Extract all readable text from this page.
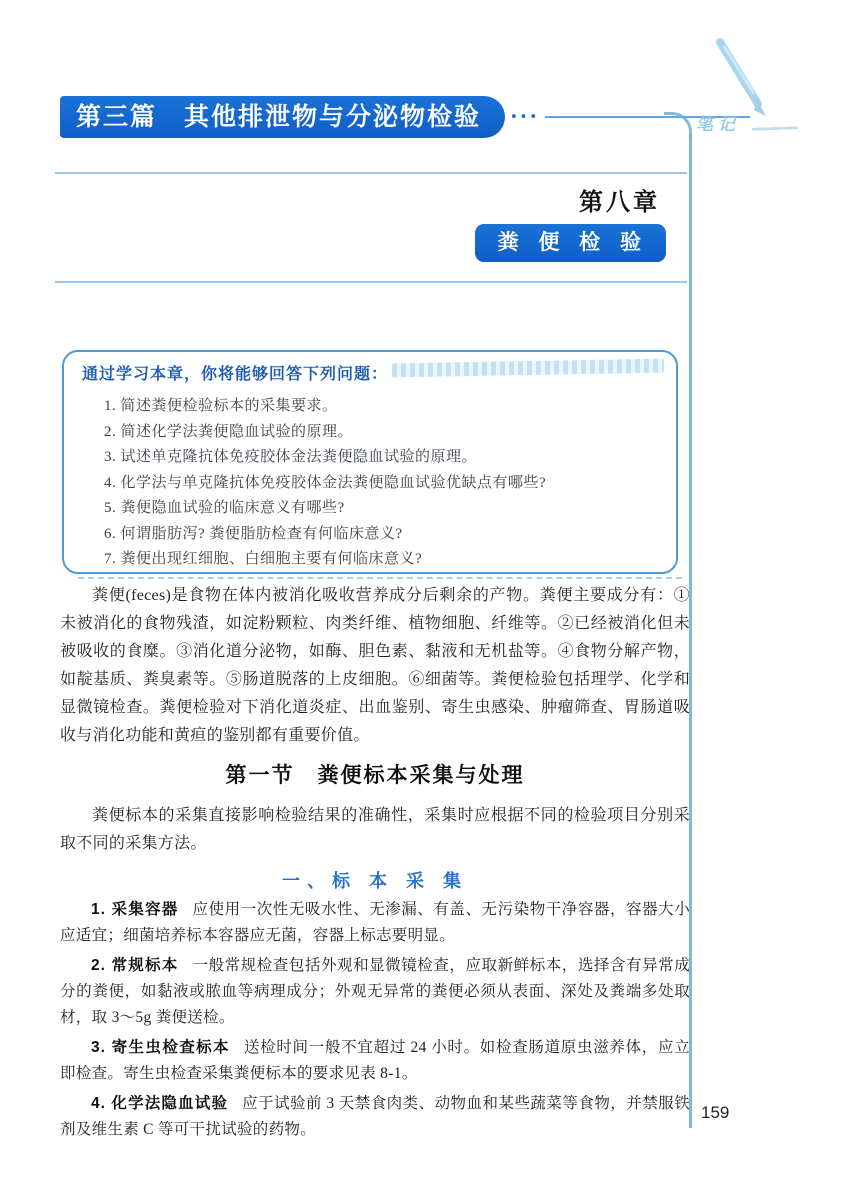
第三篇　其他排泄物与分泌物检验	•••	笔记
第八章
粪 便 检 验
通过学习本章，你将能够回答下列问题：
1. 简述粪便检验标本的采集要求。
2. 简述化学法粪便隐血试验的原理。
3. 试述单克隆抗体免疫胶体金法粪便隐血试验的原理。
4. 化学法与单克隆抗体免疫胶体金法粪便隐血试验优缺点有哪些?
5. 粪便隐血试验的临床意义有哪些?
6. 何谓脂肪泻? 粪便脂肪检查有何临床意义?
7. 粪便出现红细胞、白细胞主要有何临床意义?

粪便(feces)是食物在体内被消化吸收营养成分后剩余的产物。粪便主要成分有：①未被消化的食物残渣，如淀粉颗粒、肉类纤维、植物细胞、纤维等。②已经被消化但未被吸收的食糜。③消化道分泌物，如酶、胆色素、黏液和无机盐等。④食物分解产物，如靛基质、粪臭素等。⑤肠道脱落的上皮细胞。⑥细菌等。粪便检验包括理学、化学和显微镜检查。粪便检验对下消化道炎症、出血鉴别、寄生虫感染、肿瘤筛查、胃肠道吸收与消化功能和黄疸的鉴别都有重要价值。

第一节　粪便标本采集与处理

粪便标本的采集直接影响检验结果的准确性，采集时应根据不同的检验项目分别采取不同的采集方法。

一、标 本 采 集

1. 采集容器 应使用一次性无吸水性、无渗漏、有盖、无污染物干净容器，容器大小应适宜；细菌培养标本容器应无菌，容器上标志要明显。

2. 常规标本 一般常规检查包括外观和显微镜检查，应取新鲜标本，选择含有异常成分的粪便，如黏液或脓血等病理成分；外观无异常的粪便必须从表面、深处及粪端多处取材，取 3～5g 粪便送检。

3. 寄生虫检查标本 送检时间一般不宜超过 24 小时。如检查肠道原虫滋养体，应立即检查。寄生虫检查采集粪便标本的要求见表 8-1。

4. 化学法隐血试验 应于试验前 3 天禁食肉类、动物血和某些蔬菜等食物，并禁服铁剂及维生素 C 等可干扰试验的药物。

159
